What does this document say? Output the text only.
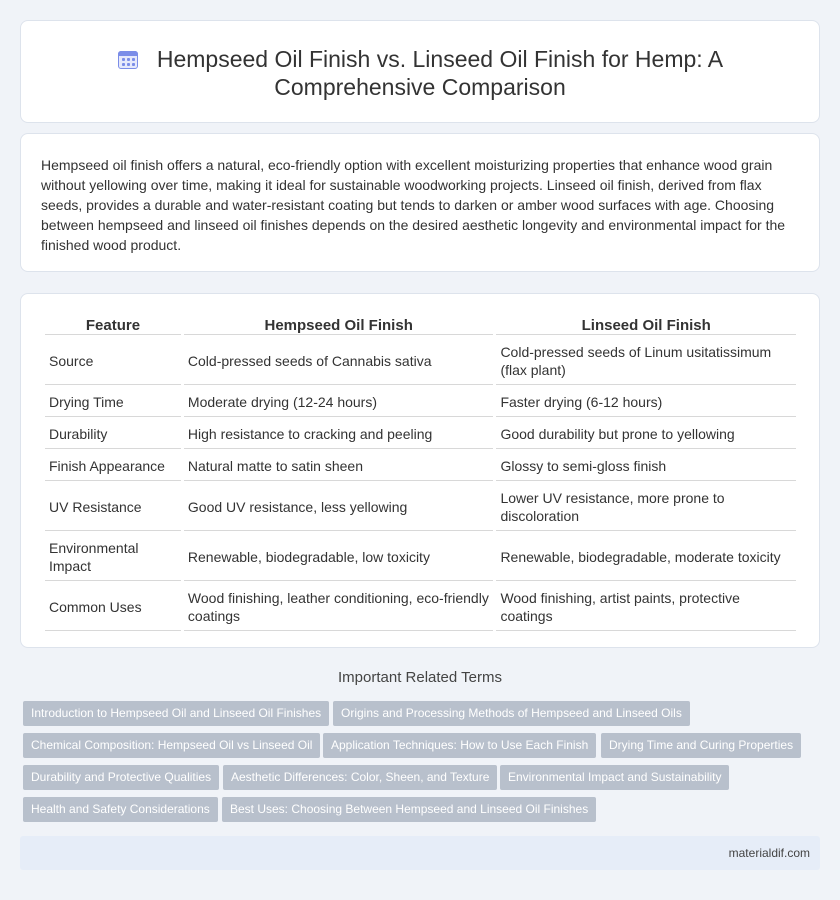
Hempseed Oil Finish vs. Linseed Oil Finish for Hemp: A
Comprehensive Comparison

Hempseed oil finish offers a natural, eco-friendly option with excellent moisturizing properties that enhance wood grain without yellowing over time, making it ideal for sustainable woodworking projects. Linseed oil finish, derived from flax seeds, provides a durable and water-resistant coating but tends to darken or amber wood surfaces with age. Choosing between hempseed and linseed oil finishes depends on the desired aesthetic longevity and environmental impact for the finished wood product.

Feature	Hempseed Oil Finish	Linseed Oil Finish
Source	Cold-pressed seeds of Cannabis sativa	Cold-pressed seeds of Linum usitatissimum (flax plant)
Drying Time	Moderate drying (12-24 hours)	Faster drying (6-12 hours)
Durability	High resistance to cracking and peeling	Good durability but prone to yellowing
Finish Appearance	Natural matte to satin sheen	Glossy to semi-gloss finish
UV Resistance	Good UV resistance, less yellowing	Lower UV resistance, more prone to discoloration
Environmental Impact	Renewable, biodegradable, low toxicity	Renewable, biodegradable, moderate toxicity
Common Uses	Wood finishing, leather conditioning, eco-friendly coatings	Wood finishing, artist paints, protective coatings
Important Related Terms
Introduction to Hempseed Oil and Linseed Oil Finishes	Origins and Processing Methods of Hempseed and Linseed Oils
Chemical Composition: Hempseed Oil vs Linseed Oil	Application Techniques: How to Use Each Finish	Drying Time and Curing Properties
Durability and Protective Qualities	Aesthetic Differences: Color, Sheen, and Texture	Environmental Impact and Sustainability
Health and Safety Considerations	Best Uses: Choosing Between Hempseed and Linseed Oil Finishes
materialdif.com
